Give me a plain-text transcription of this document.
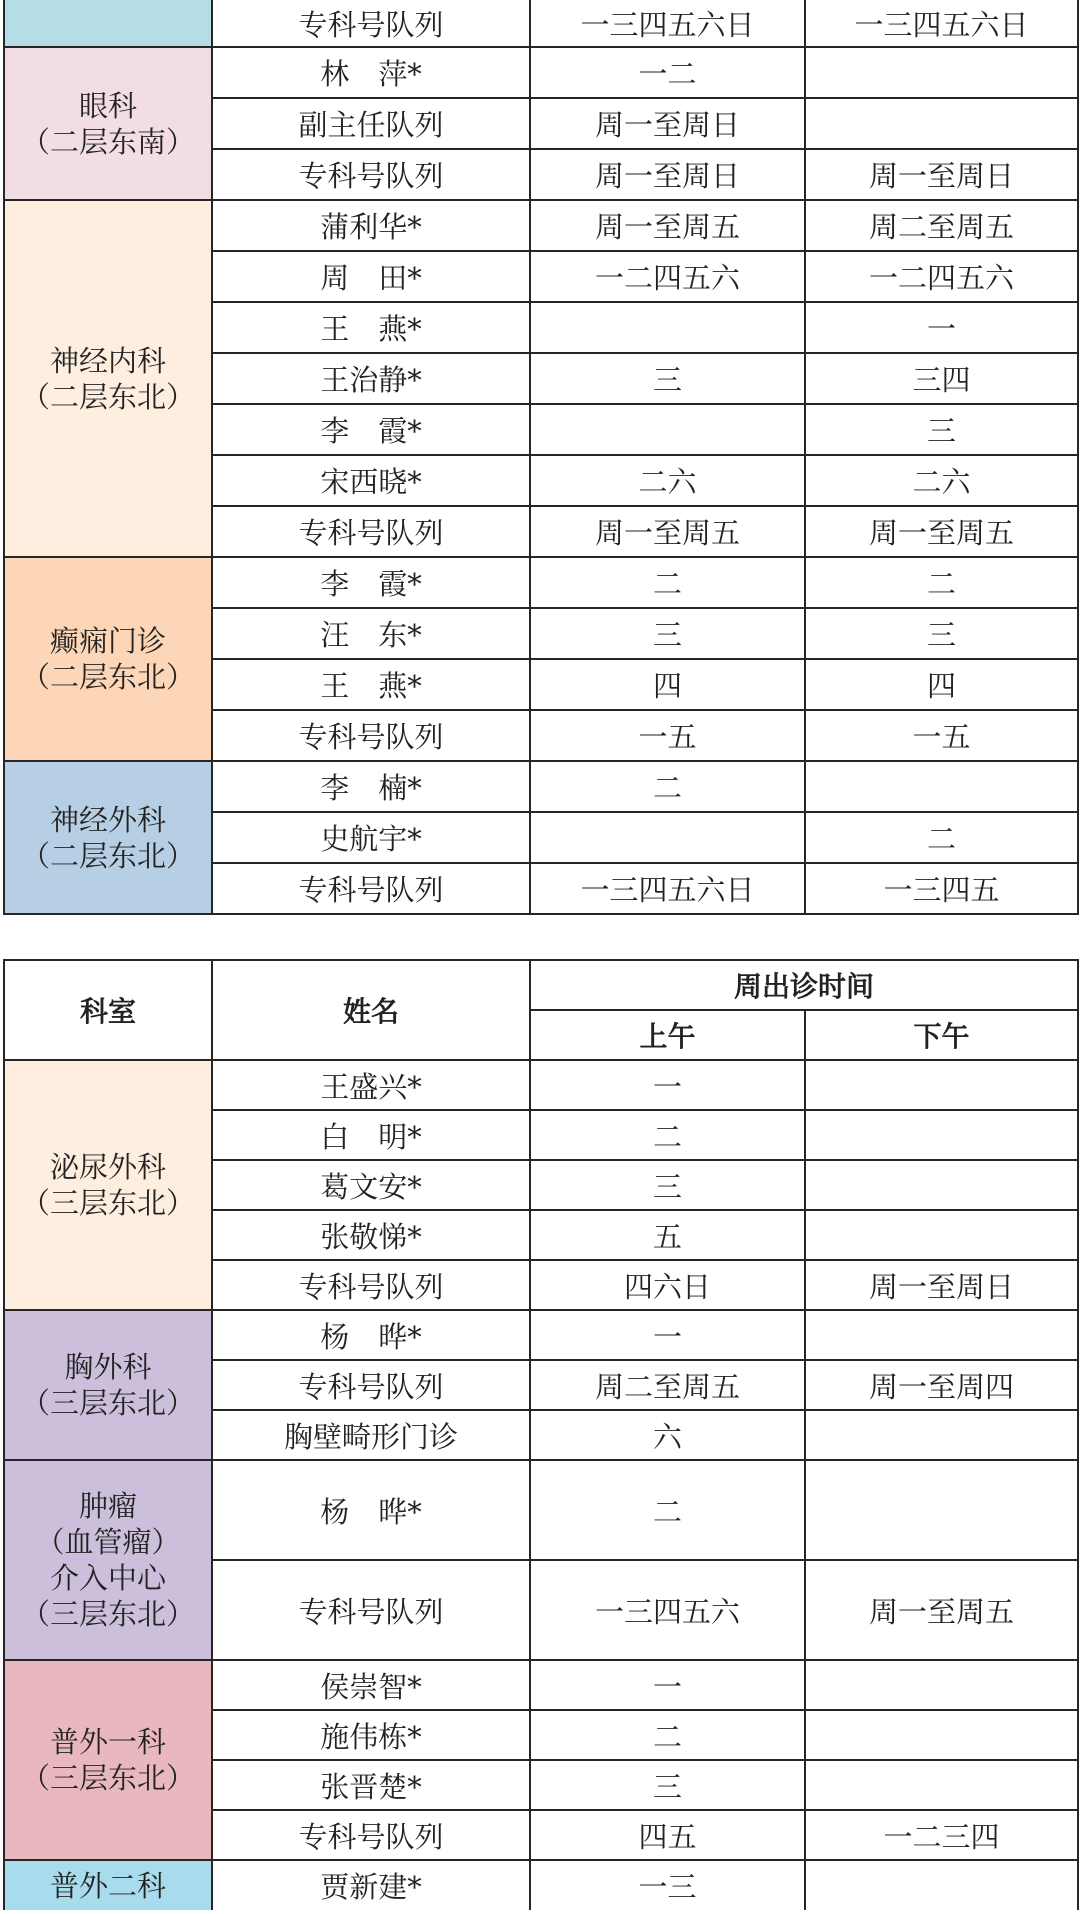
	专科号队列	一三四五六日	一三四五六日
眼科
（二层东南）	林　萍*	一二	
	副主任队列	周一至周日	
	专科号队列	周一至周日	周一至周日
神经内科
（二层东北）	蒲利华*	周一至周五	周二至周五
	周　田*	一二四五六	一二四五六
	王　燕*		一
	王治静*	三	三四
	李　霞*		三
	宋西晓*	二六	二六
	专科号队列	周一至周五	周一至周五
癫痫门诊
（二层东北）	李　霞*	二	二
	汪　东*	三	三
	王　燕*	四	四
	专科号队列	一五	一五
神经外科
（二层东北）	李　楠*	二	
	史航宇*		二
	专科号队列	一三四五六日	一三四五
科室	姓名	周出诊时间	
		上午	下午
泌尿外科
（三层东北）	王盛兴*	一	
	白　明*	二	
	葛文安*	三	
	张敬悌*	五	
	专科号队列	四六日	周一至周日
胸外科
（三层东北）	杨　晔*	一	
	专科号队列	周二至周五	周一至周四
	胸壁畸形门诊	六	
肿瘤
（血管瘤）
介入中心
（三层东北）	杨　晔*	二	
	专科号队列	一三四五六	周一至周五
普外一科
（三层东北）	侯崇智*	一	
	施伟栋*	二	
	张晋楚*	三	
	专科号队列	四五	一二三四
普外二科	贾新建*	一三	
